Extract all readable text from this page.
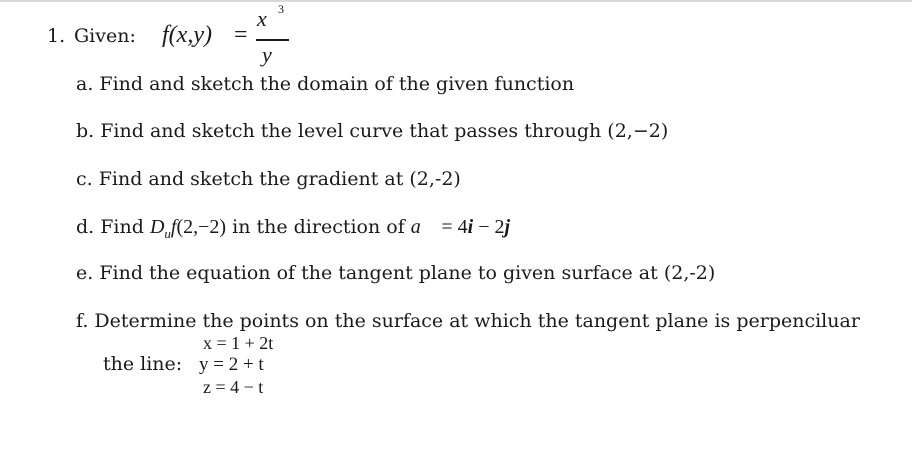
1. Given: f(x,y) =
x 3
y
a. Find and sketch the domain of the given function
b. Find and sketch the level curve that passes through (2,−2)
c. Find and sketch the gradient at (2,-2)
d. Find $D_uf(2,-2)$ in the direction of a⃗ = 4i − 2j
e. Find the equation of the tangent plane to given surface at (2,-2)
f. Determine the points on the surface at which the tangent plane is perpenciluar
x = 1 + 2t
the line: y = 2 + t
z = 4 − t
